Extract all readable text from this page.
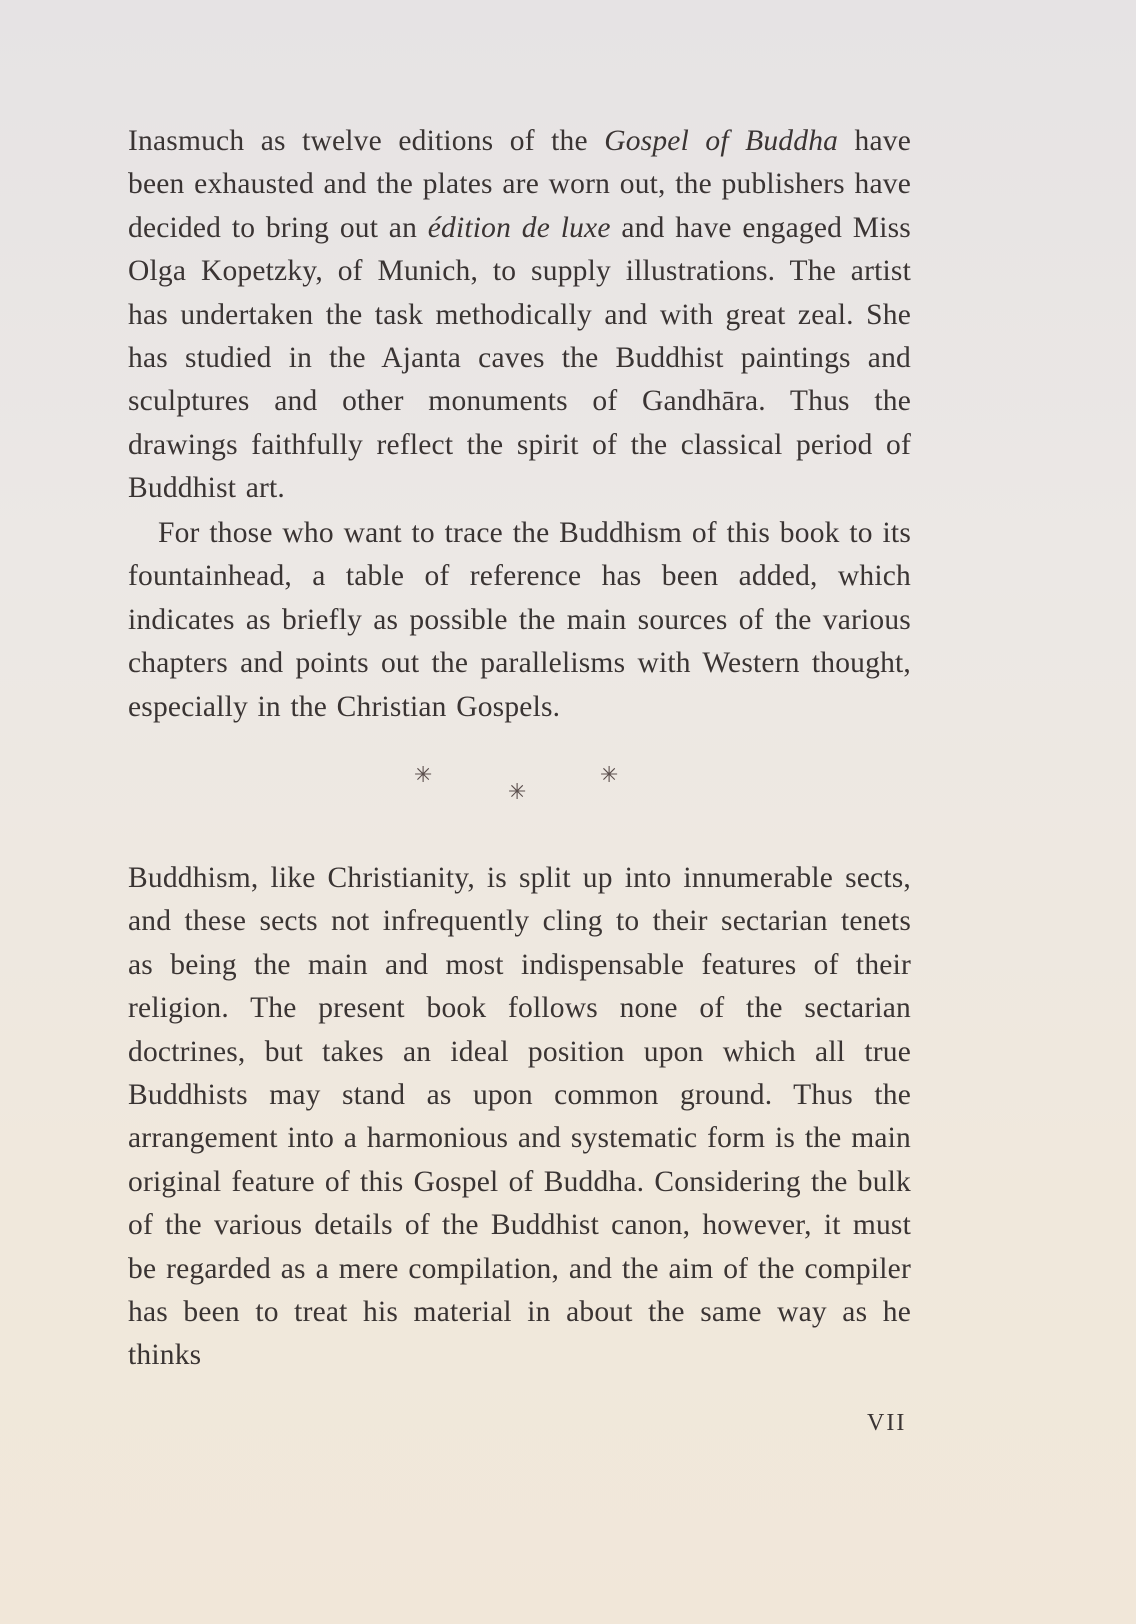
Inasmuch as twelve editions of the Gospel of Buddha have been exhausted and the plates are worn out, the publishers have decided to bring out an édition de luxe and have engaged Miss Olga Kopetzky, of Munich, to supply illustrations. The artist has undertaken the task methodically and with great zeal. She has studied in the Ajanta caves the Buddhist paintings and sculptures and other monuments of Gandhāra. Thus the drawings faithfully reflect the spirit of the classical period of Buddhist art.

For those who want to trace the Buddhism of this book to its fountainhead, a table of reference has been added, which indicates as briefly as possible the main sources of the various chapters and points out the parallelisms with Western thought, especially in the Christian Gospels.

✳	✳
✳

Buddhism, like Christianity, is split up into innumerable sects, and these sects not infrequently cling to their sectarian tenets as being the main and most indispensable features of their religion. The present book follows none of the sectarian doctrines, but takes an ideal position upon which all true Buddhists may stand as upon common ground. Thus the arrangement into a harmonious and systematic form is the main original feature of this Gospel of Buddha. Considering the bulk of the various details of the Buddhist canon, however, it must be regarded as a mere compilation, and the aim of the compiler has been to treat his material in about the same way as he thinks

VII
